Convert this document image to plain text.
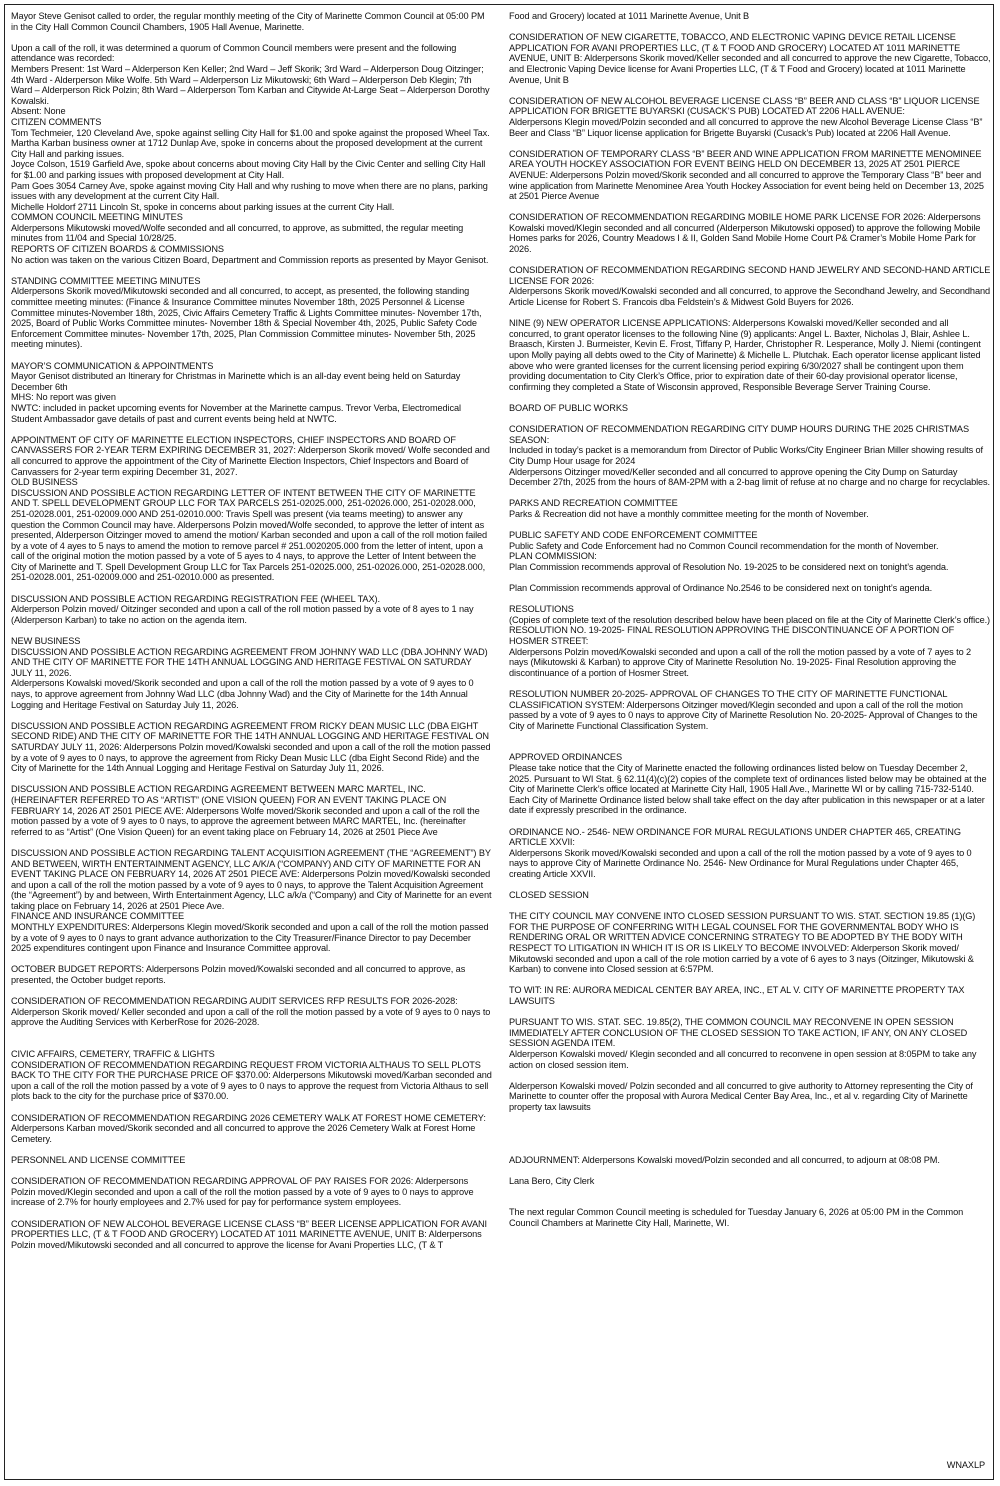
Mayor Steve Genisot called to order, the regular monthly meeting of the City of Marinette Common Council at 05:00 PM in the City Hall Common Council Chambers, 1905 Hall Avenue, Marinette.

Upon a call of the roll, it was determined a quorum of Common Council members were present and the following attendance was recorded:
Members Present: 1st Ward – Alderperson Ken Keller; 2nd Ward – Jeff Skorik; 3rd Ward – Alderperson Doug Oitzinger; 4th Ward - Alderperson Mike Wolfe. 5th Ward – Alderperson Liz Mikutowski; 6th Ward – Alderperson Deb Klegin; 7th Ward – Alderperson Rick Polzin; 8th Ward – Alderperson Tom Karban and Citywide At-Large Seat – Alderperson Dorothy Kowalski.
Absent: None
CITIZEN COMMENTS
Tom Techmeier, 120 Cleveland Ave, spoke against selling City Hall for $1.00 and spoke against the proposed Wheel Tax.
Martha Karban business owner at 1712 Dunlap Ave, spoke in concerns about the proposed development at the current City Hall and parking issues.
Joyce Colson, 1519 Garfield Ave, spoke about concerns about moving City Hall by the Civic Center and selling City Hall for $1.00 and parking issues with proposed development at City Hall.
Pam Goes 3054 Carney Ave, spoke against moving City Hall and why rushing to move when there are no plans, parking issues with any development at the current City Hall.
Michelle Holdorf 2711 Lincoln St, spoke in concerns about parking issues at the current City Hall.
COMMON COUNCIL MEETING MINUTES
Alderpersons Mikutowski moved/Wolfe seconded and all concurred, to approve, as submitted, the regular meeting minutes from 11/04 and Special 10/28/25.
REPORTS OF CITIZEN BOARDS & COMMISSIONS
No action was taken on the various Citizen Board, Department and Commission reports as presented by Mayor Genisot.

STANDING COMMITTEE MEETING MINUTES
Alderpersons Skorik moved/Mikutowski seconded and all concurred, to accept, as presented, the following standing committee meeting minutes: (Finance & Insurance Committee minutes November 18th, 2025 Personnel & License Committee minutes-November 18th, 2025, Civic Affairs Cemetery Traffic & Lights Committee minutes- November 17th, 2025, Board of Public Works Committee minutes- November 18th & Special November 4th, 2025, Public Safety Code Enforcement Committee minutes- November 17th, 2025, Plan Commission Committee minutes- November 5th, 2025 meeting minutes).

MAYOR’S COMMUNICATION & APPOINTMENTS
Mayor Genisot distributed an Itinerary for Christmas in Marinette which is an all-day event being held on Saturday December 6th
MHS: No report was given
NWTC: included in packet upcoming events for November at the Marinette campus. Trevor Verba, Electromedical Student Ambassador gave details of past and current events being held at NWTC.

APPOINTMENT OF CITY OF MARINETTE ELECTION INSPECTORS, CHIEF INSPECTORS AND BOARD OF CANVASSERS FOR 2-YEAR TERM EXPIRING DECEMBER 31, 2027: Alderperson Skorik moved/ Wolfe seconded and all concurred to approve the appointment of the City of Marinette Election Inspectors, Chief Inspectors and Board of Canvassers for 2-year term expiring December 31, 2027.
OLD BUSINESS
DISCUSSION AND POSSIBLE ACTION REGARDING LETTER OF INTENT BETWEEN THE CITY OF MARINETTE AND T. SPELL DEVELOPMENT GROUP LLC FOR TAX PARCELS 251-02025.000, 251-02026.000, 251-02028.000, 251-02028.001, 251-02009.000 AND 251-02010.000: Travis Spell was present (via teams meeting) to answer any question the Common Council may have. Alderpersons Polzin moved/Wolfe seconded, to approve the letter of intent as presented, Alderperson Oitzinger moved to amend the motion/ Karban seconded and upon a call of the roll motion failed by a vote of 4 ayes to 5 nays to amend the motion to remove parcel # 251.0020205.000 from the letter of intent, upon a call of the original motion the motion passed by a vote of 5 ayes to 4 nays, to approve the Letter of Intent between the City of Marinette and T. Spell Development Group LLC for Tax Parcels 251-02025.000, 251-02026.000, 251-02028.000, 251-02028.001, 251-02009.000 and 251-02010.000 as presented.

DISCUSSION AND POSSIBLE ACTION REGARDING REGISTRATION FEE (WHEEL TAX).
Alderperson Polzin moved/ Oitzinger seconded and upon a call of the roll motion passed by a vote of 8 ayes to 1 nay (Alderperson Karban) to take no action on the agenda item.

NEW BUSINESS
DISCUSSION AND POSSIBLE ACTION REGARDING AGREEMENT FROM JOHNNY WAD LLC (DBA JOHNNY WAD) AND THE CITY OF MARINETTE FOR THE 14TH ANNUAL LOGGING AND HERITAGE FESTIVAL ON SATURDAY JULY 11, 2026.
Alderpersons Kowalski moved/Skorik seconded and upon a call of the roll the motion passed by a vote of 9 ayes to 0 nays, to approve agreement from Johnny Wad LLC (dba Johnny Wad) and the City of Marinette for the 14th Annual Logging and Heritage Festival on Saturday July 11, 2026.

DISCUSSION AND POSSIBLE ACTION REGARDING AGREEMENT FROM RICKY DEAN MUSIC LLC (DBA EIGHT SECOND RIDE) AND THE CITY OF MARINETTE FOR THE 14TH ANNUAL LOGGING AND HERITAGE FESTIVAL ON SATURDAY JULY 11, 2026: Alderpersons Polzin moved/Kowalski seconded and upon a call of the roll the motion passed by a vote of 9 ayes to 0 nays, to approve the agreement from Ricky Dean Music LLC (dba Eight Second Ride) and the City of Marinette for the 14th Annual Logging and Heritage Festival on Saturday July 11, 2026.

DISCUSSION AND POSSIBLE ACTION REGARDING AGREEMENT BETWEEN MARC MARTEL, INC. (HEREINAFTER REFERRED TO AS “ARTIST” (ONE VISION QUEEN) FOR AN EVENT TAKING PLACE ON FEBRUARY 14, 2026 AT 2501 PIECE AVE: Alderpersons Wolfe moved/Skorik seconded and upon a call of the roll the motion passed by a vote of 9 ayes to 0 nays, to approve the agreement between MARC MARTEL, Inc. (hereinafter referred to as “Artist” (One Vision Queen) for an event taking place on February 14, 2026 at 2501 Piece Ave

DISCUSSION AND POSSIBLE ACTION REGARDING TALENT ACQUISITION AGREEMENT (THE “AGREEMENT”) BY AND BETWEEN, WIRTH ENTERTAINMENT AGENCY, LLC A/K/A (“COMPANY) AND CITY OF MARINETTE FOR AN EVENT TAKING PLACE ON FEBRUARY 14, 2026 AT 2501 PIECE AVE: Alderpersons Polzin moved/Kowalski seconded and upon a call of the roll the motion passed by a vote of 9 ayes to 0 nays, to approve the Talent Acquisition Agreement (the “Agreement”) by and between, Wirth Entertainment Agency, LLC a/k/a (“Company) and City of Marinette for an event taking place on February 14, 2026 at 2501 Piece Ave.
FINANCE AND INSURANCE COMMITTEE
MONTHLY EXPENDITURES: Alderpersons Klegin moved/Skorik seconded and upon a call of the roll the motion passed by a vote of 9 ayes to 0 nays to grant advance authorization to the City Treasurer/Finance Director to pay December 2025 expenditures contingent upon Finance and Insurance Committee approval.

OCTOBER BUDGET REPORTS: Alderpersons Polzin moved/Kowalski seconded and all concurred to approve, as presented, the October budget reports.

CONSIDERATION OF RECOMMENDATION REGARDING AUDIT SERVICES RFP RESULTS FOR 2026-2028: Alderperson Skorik moved/ Keller seconded and upon a call of the roll the motion passed by a vote of 9 ayes to 0 nays to approve the Auditing Services with KerberRose for 2026-2028.

CIVIC AFFAIRS, CEMETERY, TRAFFIC & LIGHTS
CONSIDERATION OF RECOMMENDATION REGARDING REQUEST FROM VICTORIA ALTHAUS TO SELL PLOTS BACK TO THE CITY FOR THE PURCHASE PRICE OF $370.00: Alderpersons Mikutowski moved/Karban seconded and upon a call of the roll the motion passed by a vote of 9 ayes to 0 nays to approve the request from Victoria Althaus to sell plots back to the city for the purchase price of $370.00.

CONSIDERATION OF RECOMMENDATION REGARDING 2026 CEMETERY WALK AT FOREST HOME CEMETERY: Alderpersons Karban moved/Skorik seconded and all concurred to approve the 2026 Cemetery Walk at Forest Home Cemetery.

PERSONNEL AND LICENSE COMMITTEE

CONSIDERATION OF RECOMMENDATION REGARDING APPROVAL OF PAY RAISES FOR 2026: Alderpersons Polzin moved/Klegin seconded and upon a call of the roll the motion passed by a vote of 9 ayes to 0 nays to approve increase of 2.7% for hourly employees and 2.7% used for pay for performance system employees.

CONSIDERATION OF NEW ALCOHOL BEVERAGE LICENSE CLASS “B” BEER LICENSE APPLICATION FOR AVANI PROPERTIES LLC, (T & T FOOD AND GROCERY) LOCATED AT 1011 MARINETTE AVENUE, UNIT B: Alderpersons Polzin moved/Mikutowski seconded and all concurred to approve the license for Avani Properties LLC, (T & T

Food and Grocery) located at 1011 Marinette Avenue, Unit B

CONSIDERATION OF NEW CIGARETTE, TOBACCO, AND ELECTRONIC VAPING DEVICE RETAIL LICENSE APPLICATION FOR AVANI PROPERTIES LLC, (T & T FOOD AND GROCERY) LOCATED AT 1011 MARINETTE AVENUE, UNIT B: Alderpersons Skorik moved/Keller seconded and all concurred to approve the new Cigarette, Tobacco, and Electronic Vaping Device license for Avani Properties LLC, (T & T Food and Grocery) located at 1011 Marinette Avenue, Unit B

CONSIDERATION OF NEW ALCOHOL BEVERAGE LICENSE CLASS “B” BEER AND CLASS “B” LIQUOR LICENSE APPLICATION FOR BRIGETTE BUYARSKI (CUSACK’S PUB) LOCATED AT 2206 HALL AVENUE:
Alderpersons Klegin moved/Polzin seconded and all concurred to approve the new Alcohol Beverage License Class “B” Beer and Class “B” Liquor license application for Brigette Buyarski (Cusack’s Pub) located at 2206 Hall Avenue.

CONSIDERATION OF TEMPORARY CLASS “B” BEER AND WINE APPLICATION FROM MARINETTE MENOMINEE AREA YOUTH HOCKEY ASSOCIATION FOR EVENT BEING HELD ON DECEMBER 13, 2025 AT 2501 PIERCE AVENUE: Alderpersons Polzin moved/Skorik seconded and all concurred to approve the Temporary Class “B” beer and wine application from Marinette Menominee Area Youth Hockey Association for event being held on December 13, 2025 at 2501 Pierce Avenue

CONSIDERATION OF RECOMMENDATION REGARDING MOBILE HOME PARK LICENSE FOR 2026: Alderpersons Kowalski moved/Klegin seconded and all concurred (Alderperson Mikutowski opposed) to approve the following Mobile Homes parks for 2026, Country Meadows I & II, Golden Sand Mobile Home Court P& Cramer’s Mobile Home Park for 2026.

CONSIDERATION OF RECOMMENDATION REGARDING SECOND HAND JEWELRY AND SECOND-HAND ARTICLE LICENSE FOR 2026:
Alderpersons Skorik moved/Kowalski seconded and all concurred, to approve the Secondhand Jewelry, and Secondhand Article License for Robert S. Francois dba Feldstein’s & Midwest Gold Buyers for 2026.

NINE (9) NEW OPERATOR LICENSE APPLICATIONS: Alderpersons Kowalski moved/Keller seconded and all concurred, to grant operator licenses to the following Nine (9) applicants: Angel L. Baxter, Nicholas J, Blair, Ashlee L. Braasch, Kirsten J. Burmeister, Kevin E. Frost, Tiffany P, Harder, Christopher R. Lesperance, Molly J. Niemi (contingent upon Molly paying all debts owed to the City of Marinette) & Michelle L. Plutchak. Each operator license applicant listed above who were granted licenses for the current licensing period expiring 6/30/2027 shall be contingent upon them providing documentation to City Clerk’s Office, prior to expiration date of their 60-day provisional operator license, confirming they completed a State of Wisconsin approved, Responsible Beverage Server Training Course.

BOARD OF PUBLIC WORKS

CONSIDERATION OF RECOMMENDATION REGARDING CITY DUMP HOURS DURING THE 2025 CHRISTMAS SEASON:
Included in today’s packet is a memorandum from Director of Public Works/City Engineer Brian Miller showing results of City Dump Hour usage for 2024
Alderpersons Oitzinger moved/Keller seconded and all concurred to approve opening the City Dump on Saturday December 27th, 2025 from the hours of 8AM-2PM with a 2-bag limit of refuse at no charge and no charge for recyclables.

PARKS AND RECREATION COMMITTEE
Parks & Recreation did not have a monthly committee meeting for the month of November.

PUBLIC SAFETY AND CODE ENFORCEMENT COMMITTEE
Public Safety and Code Enforcement had no Common Council recommendation for the month of November.
PLAN COMMISSION:
Plan Commission recommends approval of Resolution No. 19-2025 to be considered next on tonight’s agenda.

Plan Commission recommends approval of Ordinance No.2546 to be considered next on tonight’s agenda.

RESOLUTIONS
(Copies of complete text of the resolution described below have been placed on file at the City of Marinette Clerk’s office.)
RESOLUTION NO. 19-2025- FINAL RESOLUTION APPROVING THE DISCONTINUANCE OF A PORTION OF HOSMER STREET:
Alderpersons Polzin moved/Kowalski seconded and upon a call of the roll the motion passed by a vote of 7 ayes to 2 nays (Mikutowski & Karban) to approve City of Marinette Resolution No. 19-2025- Final Resolution approving the discontinuance of a portion of Hosmer Street.

RESOLUTION NUMBER 20-2025- APPROVAL OF CHANGES TO THE CITY OF MARINETTE FUNCTIONAL CLASSIFICATION SYSTEM: Alderpersons Oitzinger moved/Klegin seconded and upon a call of the roll the motion passed by a vote of 9 ayes to 0 nays to approve City of Marinette Resolution No. 20-2025- Approval of Changes to the City of Marinette Functional Classification System.

APPROVED ORDINANCES
Please take notice that the City of Marinette enacted the following ordinances listed below on Tuesday December 2, 2025. Pursuant to WI Stat. § 62.11(4)(c)(2) copies of the complete text of ordinances listed below may be obtained at the City of Marinette Clerk’s office located at Marinette City Hall, 1905 Hall Ave., Marinette WI or by calling 715-732-5140. Each City of Marinette Ordinance listed below shall take effect on the day after publication in this newspaper or at a later date if expressly prescribed in the ordinance.

ORDINANCE NO.- 2546- NEW ORDINANCE FOR MURAL REGULATIONS UNDER CHAPTER 465, CREATING ARTICLE XXVII:
Alderpersons Skorik moved/Kowalski seconded and upon a call of the roll the motion passed by a vote of 9 ayes to 0 nays to approve City of Marinette Ordinance No. 2546- New Ordinance for Mural Regulations under Chapter 465, creating Article XXVII.

CLOSED SESSION

THE CITY COUNCIL MAY CONVENE INTO CLOSED SESSION PURSUANT TO WIS. STAT. SECTION 19.85 (1)(G) FOR THE PURPOSE OF CONFERRING WITH LEGAL COUNSEL FOR THE GOVERNMENTAL BODY WHO IS RENDERING ORAL OR WRITTEN ADVICE CONCERNING STRATEGY TO BE ADOPTED BY THE BODY WITH RESPECT TO LITIGATION IN WHICH IT IS OR IS LIKELY TO BECOME INVOLVED: Alderperson Skorik moved/ Mikutowski seconded and upon a call of the role motion carried by a vote of 6 ayes to 3 nays (Oitzinger, Mikutowski & Karban) to convene into Closed session at 6:57PM.

TO WIT: IN RE: AURORA MEDICAL CENTER BAY AREA, INC., ET AL V. CITY OF MARINETTE PROPERTY TAX LAWSUITS

PURSUANT TO WIS. STAT. SEC. 19.85(2), THE COMMON COUNCIL MAY RECONVENE IN OPEN SESSION IMMEDIATELY AFTER CONCLUSION OF THE CLOSED SESSION TO TAKE ACTION, IF ANY, ON ANY CLOSED SESSION AGENDA ITEM.
Alderperson Kowalski moved/ Klegin seconded and all concurred to reconvene in open session at 8:05PM to take any action on closed session item.

Alderperson Kowalski moved/ Polzin seconded and all concurred to give authority to Attorney representing the City of Marinette to counter offer the proposal with Aurora Medical Center Bay Area, Inc., et al v. regarding City of Marinette property tax lawsuits

ADJOURNMENT: Alderpersons Kowalski moved/Polzin seconded and all concurred, to adjourn at 08:08 PM.

Lana Bero, City Clerk

The next regular Common Council meeting is scheduled for Tuesday January 6, 2026 at 05:00 PM in the Common Council Chambers at Marinette City Hall, Marinette, WI.

WNAXLP
